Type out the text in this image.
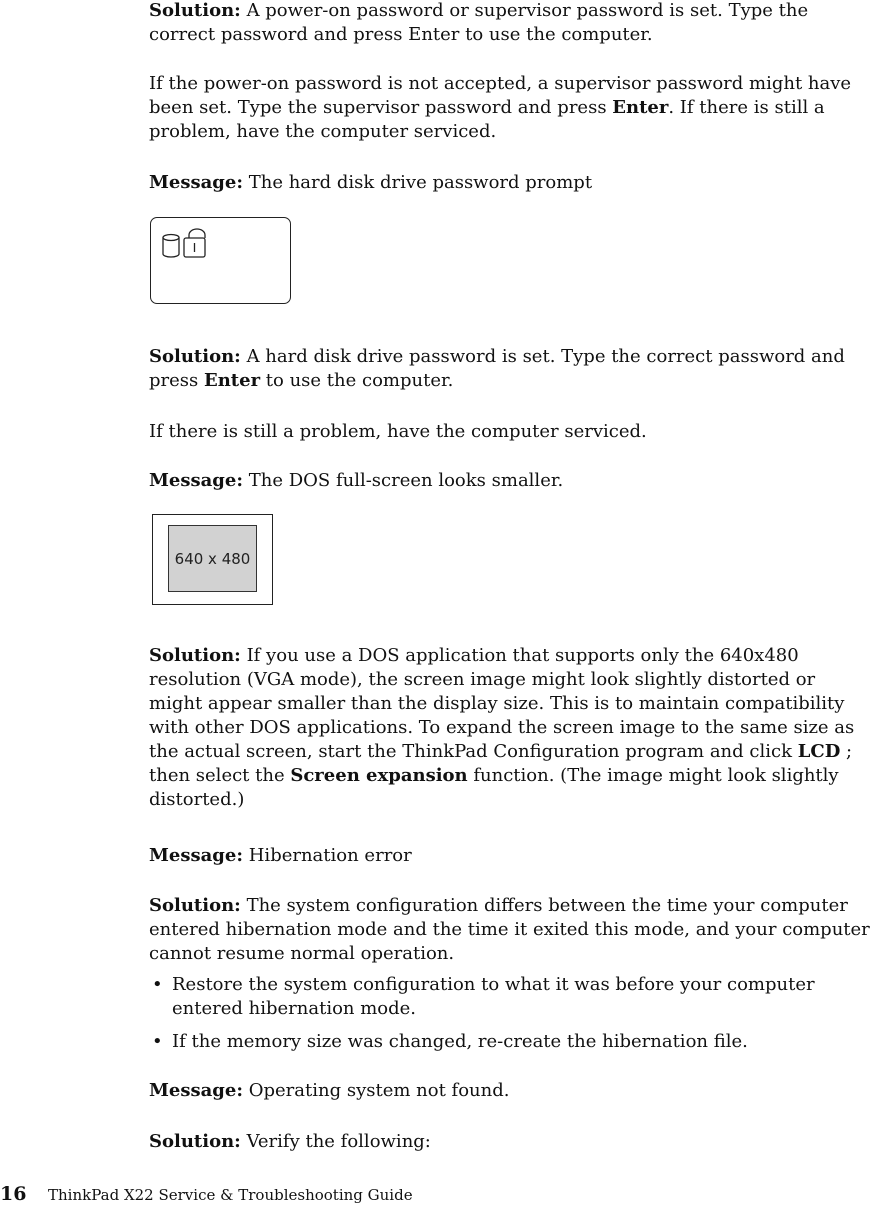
Solution: A power-on password or supervisor password is set. Type the correct password and press Enter to use the computer.

If the power-on password is not accepted, a supervisor password might have been set. Type the supervisor password and press Enter. If there is still a problem, have the computer serviced.

Message: The hard disk drive password prompt

Solution: A hard disk drive password is set. Type the correct password and press Enter to use the computer.

If there is still a problem, have the computer serviced.

Message: The DOS full-screen looks smaller.

640 x 480

Solution: If you use a DOS application that supports only the 640x480 resolution (VGA mode), the screen image might look slightly distorted or might appear smaller than the display size. This is to maintain compatibility with other DOS applications. To expand the screen image to the same size as the actual screen, start the ThinkPad Configuration program and click LCD ; then select the Screen expansion function. (The image might look slightly distorted.)

Message: Hibernation error

Solution: The system configuration differs between the time your computer entered hibernation mode and the time it exited this mode, and your computer cannot resume normal operation.

• Restore the system configuration to what it was before your computer entered hibernation mode.
• If the memory size was changed, re-create the hibernation file.

Message: Operating system not found.

Solution: Verify the following:

16 ThinkPad X22 Service & Troubleshooting Guide
